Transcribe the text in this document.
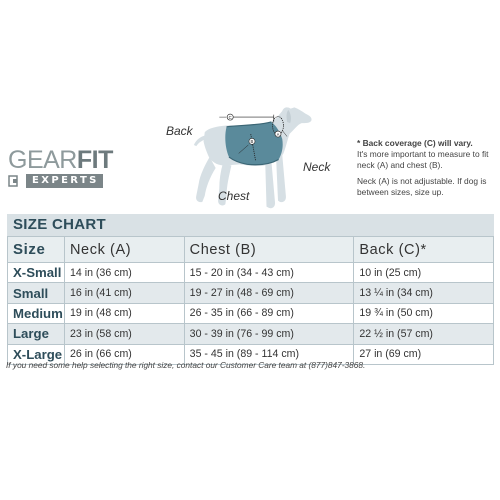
C
A
B
Back
Neck
Chest
GEARFIT
EXPERTS

* Back coverage (C) will vary.
It's more important to measure to fit neck (A) and chest (B).

Neck (A) is not adjustable. If dog is between sizes, size up.

SIZE CHART
Size	Neck (A)	Chest (B)	Back (C)*
X-Small	14 in (36 cm)	15 - 20 in (34 - 43 cm)	10 in (25 cm)
Small	16 in (41 cm)	19 - 27 in (48 - 69 cm)	13 ¼ in (34 cm)
Medium	19 in (48 cm)	26 - 35 in (66 - 89 cm)	19 ¾ in (50 cm)
Large	23 in (58 cm)	30 - 39 in (76 - 99 cm)	22 ½ in (57 cm)
X-Large	26 in (66 cm)	35 - 45 in (89 - 114 cm)	27 in (69 cm)
If you need some help selecting the right size, contact our Customer Care team at (877)847-3868.
